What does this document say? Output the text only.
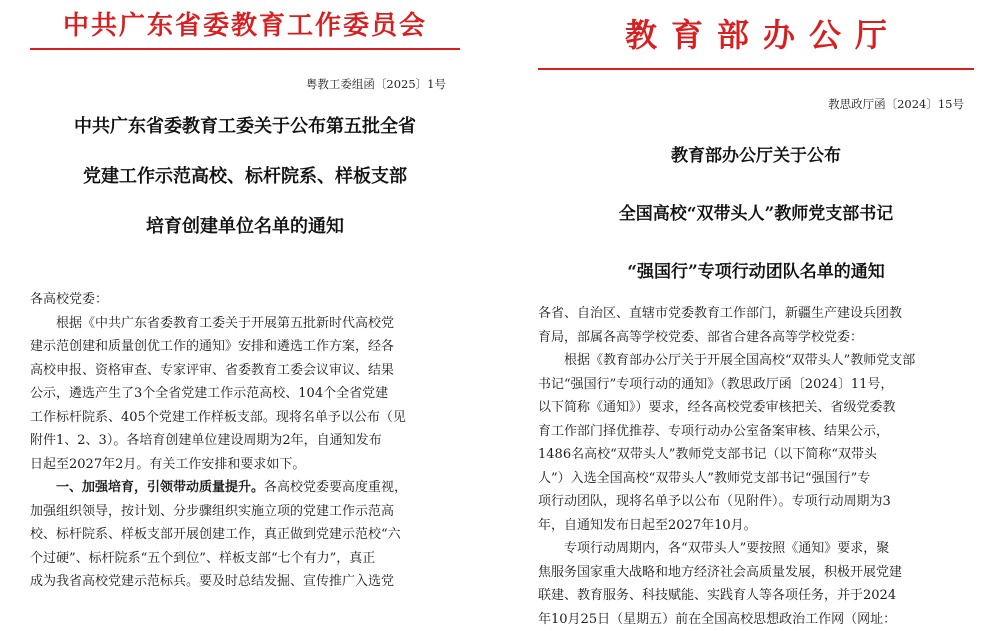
中共广东省委教育工作委员会
粤教工委组函〔2025〕1号
中共广东省委教育工委关于公布第五批全省
党建工作示范高校、标杆院系、样板支部
培育创建单位名单的通知
各高校党委：
根据《中共广东省委教育工委关于开展第五批新时代高校党
建示范创建和质量创优工作的通知》安排和遴选工作方案，经各
高校申报、资格审查、专家评审、省委教育工委会议审议、结果
公示，遴选产生了3个全省党建工作示范高校、104个全省党建
工作标杆院系、405个党建工作样板支部。现将名单予以公布（见
附件1、2、3）。各培育创建单位建设周期为2年，自通知发布
日起至2027年2月。有关工作安排和要求如下。
一、加强培育，引领带动质量提升。各高校党委要高度重视，
加强组织领导，按计划、分步骤组织实施立项的党建工作示范高
校、标杆院系、样板支部开展创建工作，真正做到党建示范校“六
个过硬”、标杆院系“五个到位”、样板支部“七个有力”，真正
成为我省高校党建示范标兵。要及时总结发掘、宣传推广入选党
教育部办公厅
教思政厅函〔2024〕15号
教育部办公厅关于公布
全国高校“双带头人”教师党支部书记
“强国行”专项行动团队名单的通知
各省、自治区、直辖市党委教育工作部门，新疆生产建设兵团教
育局，部属各高等学校党委、部省合建各高等学校党委：
根据《教育部办公厅关于开展全国高校“双带头人”教师党支部
书记“强国行”专项行动的通知》（教思政厅函〔2024〕11号，
以下简称《通知》）要求，经各高校党委审核把关、省级党委教
育工作部门择优推荐、专项行动办公室备案审核、结果公示，
1486名高校“双带头人”教师党支部书记（以下简称“双带头
人”）入选全国高校“双带头人”教师党支部书记“强国行”专
项行动团队，现将名单予以公布（见附件）。专项行动周期为3
年，自通知发布日起至2027年10月。
专项行动周期内，各“双带头人”要按照《通知》要求，聚
焦服务国家重大战略和地方经济社会高质量发展，积极开展党建
联建、教育服务、科技赋能、实践育人等各项任务，并于2024
年10月25日（星期五）前在全国高校思想政治工作网（网址：
